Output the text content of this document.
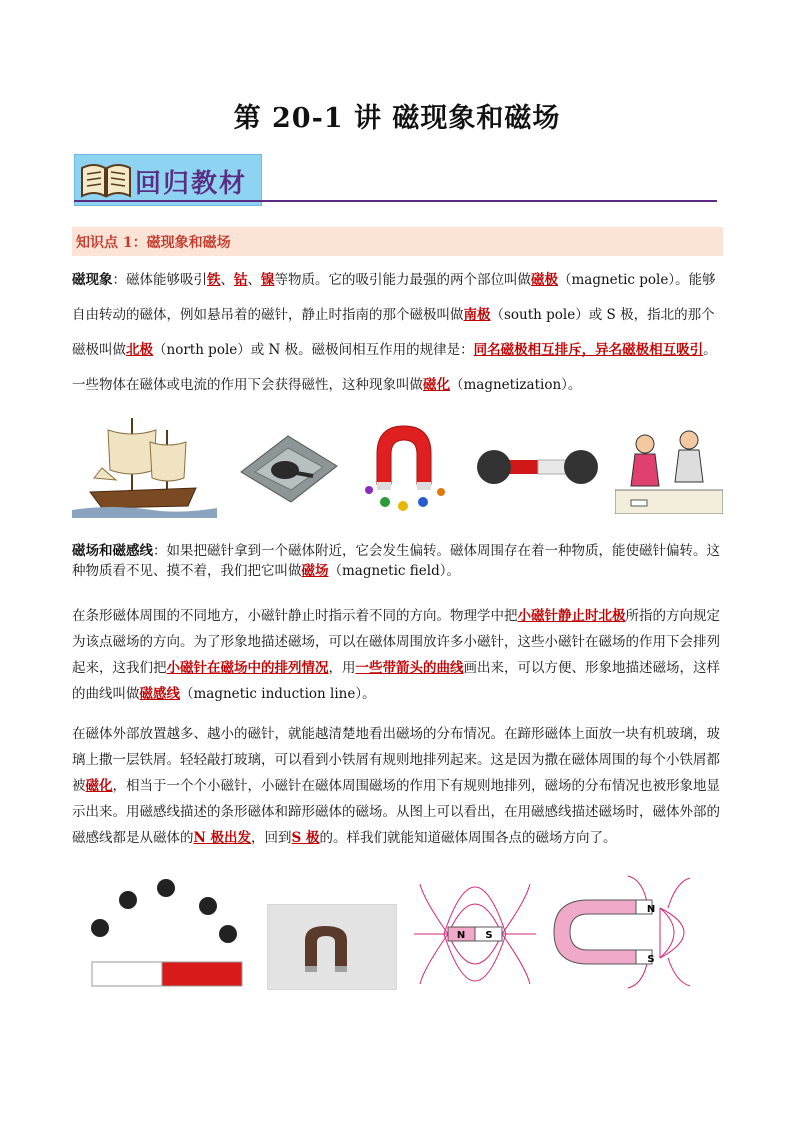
第 20-1 讲 磁现象和磁场
回归教材
知识点 1：磁现象和磁场
磁现象：磁体能够吸引铁、钴、镍等物质。它的吸引能力最强的两个部位叫做磁极（magnetic pole）。能够自由转动的磁体，例如悬吊着的磁针，静止时指南的那个磁极叫做南极（south pole）或 S 极，指北的那个磁极叫做北极（north pole）或 N 极。磁极间相互作用的规律是：同名磁极相互排斥，异名磁极相互吸引。一些物体在磁体或电流的作用下会获得磁性，这种现象叫做磁化（magnetization）。
磁场和磁感线：如果把磁针拿到一个磁体附近，它会发生偏转。磁体周围存在着一种物质，能使磁针偏转。这种物质看不见、摸不着，我们把它叫做磁场（magnetic field）。
在条形磁体周围的不同地方，小磁针静止时指示着不同的方向。物理学中把小磁针静止时北极所指的方向规定为该点磁场的方向。为了形象地描述磁场，可以在磁体周围放许多小磁针，这些小磁针在磁场的作用下会排列起来，这我们把小磁针在磁场中的排列情况，用一些带箭头的曲线画出来，可以方便、形象地描述磁场，这样的曲线叫做磁感线（magnetic induction line）。
在磁体外部放置越多、越小的磁针，就能越清楚地看出磁场的分布情况。在蹄形磁体上面放一块有机玻璃，玻璃上撒一层铁屑。轻轻敲打玻璃，可以看到小铁屑有规则地排列起来。这是因为撒在磁体周围的每个小铁屑都被磁化，相当于一个个小磁针，小磁针在磁体周围磁场的作用下有规则地排列，磁场的分布情况也被形象地显示出来。用磁感线描述的条形磁体和蹄形磁体的磁场。从图上可以看出，在用磁感线描述磁场时，磁体外部的磁感线都是从磁体的N 极出发，回到S 极的。样我们就能知道磁体周围各点的磁场方向了。
N S
N
S
